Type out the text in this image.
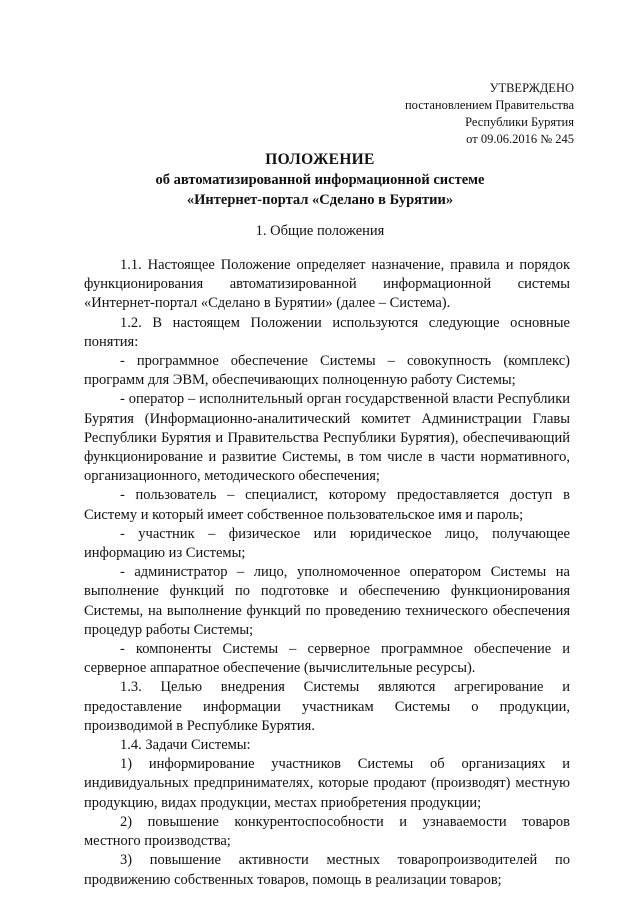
УТВЕРЖДЕНО
постановлением Правительства
Республики Бурятия
от 09.06.2016 № 245
ПОЛОЖЕНИЕ
об автоматизированной информационной системе
«Интернет-портал «Сделано в Бурятии»
1. Общие положения

1.1. Настоящее Положение определяет назначение, правила и порядок функционирования автоматизированной информационной системы «Интернет-портал «Сделано в Бурятии» (далее – Система).

1.2. В настоящем Положении используются следующие основные понятия:

- программное обеспечение Системы – совокупность (комплекс) программ для ЭВМ, обеспечивающих полноценную работу Системы;

- оператор – исполнительный орган государственной власти Республики Бурятия (Информационно-аналитический комитет Администрации Главы Республики Бурятия и Правительства Республики Бурятия), обеспечивающий функционирование и развитие Системы, в том числе в части нормативного, организационного, методического обеспечения;

- пользователь – специалист, которому предоставляется доступ в Систему и который имеет собственное пользовательское имя и пароль;

- участник – физическое или юридическое лицо, получающее информацию из Системы;

- администратор – лицо, уполномоченное оператором Системы на выполнение функций по подготовке и обеспечению функционирования Системы, на выполнение функций по проведению технического обеспечения процедур работы Системы;

- компоненты Системы – серверное программное обеспечение и серверное аппаратное обеспечение (вычислительные ресурсы).

1.3. Целью внедрения Системы являются агрегирование и предоставление информации участникам Системы о продукции, производимой в Республике Бурятия.

1.4. Задачи Системы:

1) информирование участников Системы об организациях и индивидуальных предпринимателях, которые продают (производят) местную продукцию, видах продукции, местах приобретения продукции;

2) повышение конкурентоспособности и узнаваемости товаров местного производства;

3) повышение активности местных товаропроизводителей по продвижению собственных товаров, помощь в реализации товаров;
